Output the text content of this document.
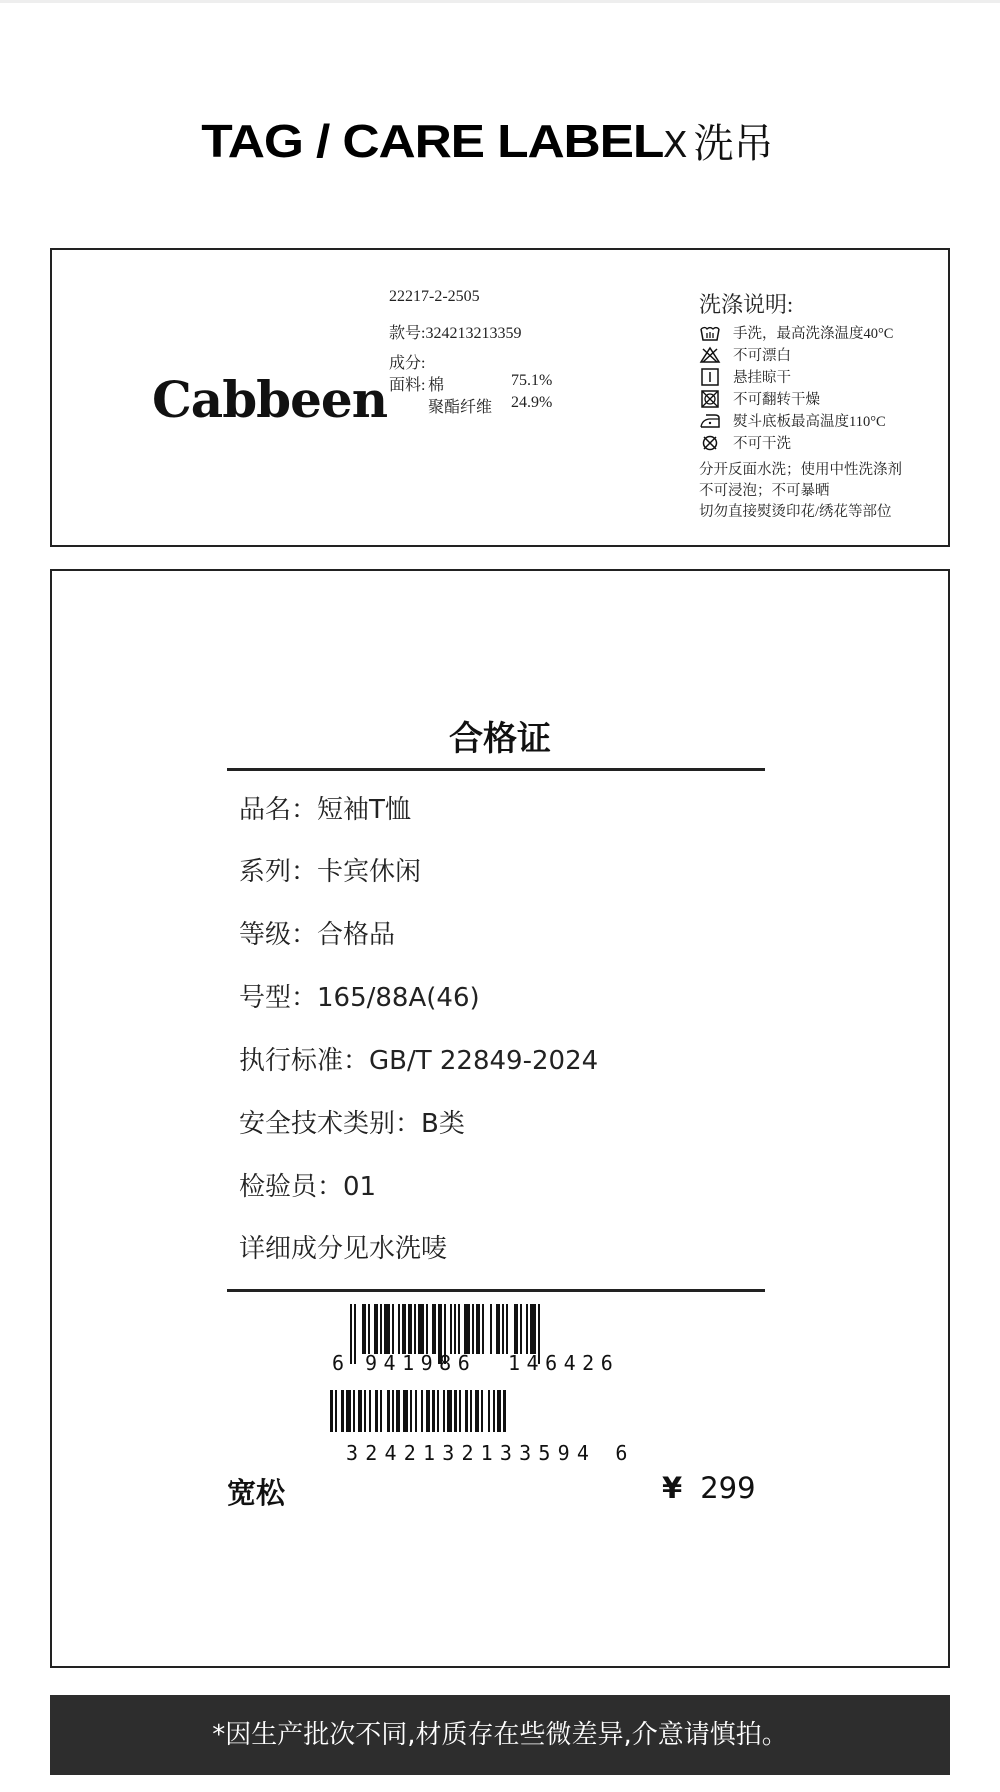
TAG / CARE LABELX 洗吊
Cabbeen
22217-2-2505
款号:324213213359
成分:
面料: 棉	75.1%
聚酯纤维 24.9%
洗涤说明:
手洗，最高洗涤温度40°C
不可漂白
悬挂晾干
不可翻转干燥
熨斗底板最高温度110°C
不可干洗
分开反面水洗；使用中性洗涤剂
不可浸泡；不可暴晒
切勿直接熨烫印花/绣花等部位
合格证
品名：短袖T恤
系列：卡宾休闲
等级：合格品
号型：165/88A(46)
执行标准：GB/T 22849-2024
安全技术类别：B类
检验员：01
详细成分见水洗唛
6 941986 146426
3242132133594 6
宽松	¥ 299
*因生产批次不同,材质存在些微差异,介意请慎拍。
